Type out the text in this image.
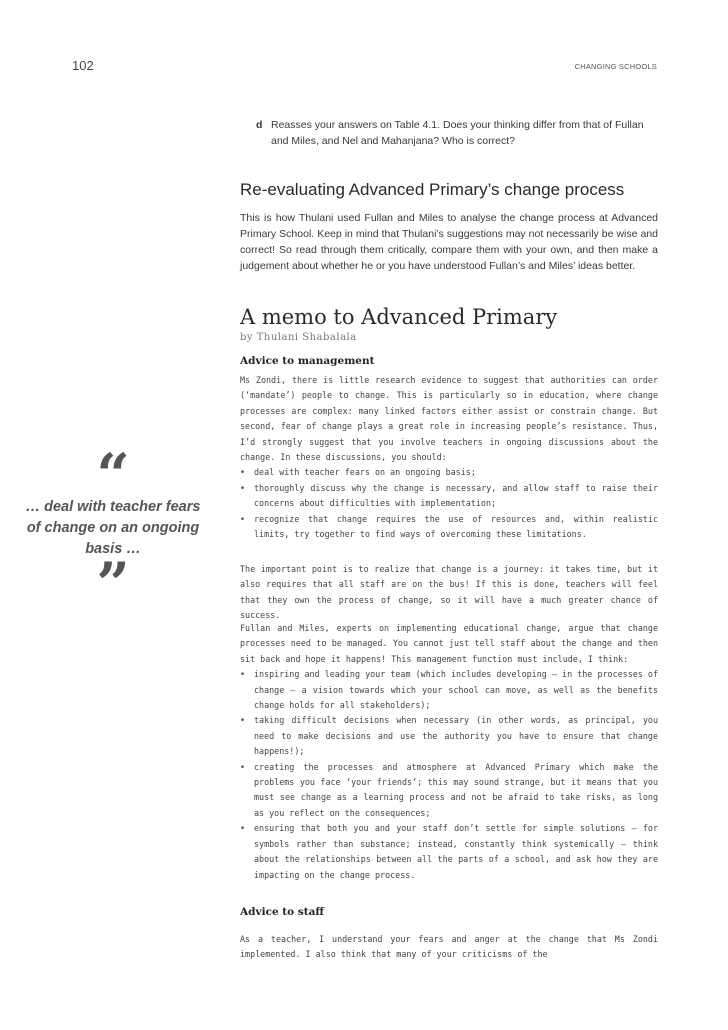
102	CHANGING SCHOOLS
d Reasses your answers on Table 4.1. Does your thinking differ from that of Fullan and Miles, and Nel and Mahanjana? Who is correct?
Re-evaluating Advanced Primary’s change process
This is how Thulani used Fullan and Miles to analyse the change process at Advanced Primary School. Keep in mind that Thulani’s suggestions may not necessarily be wise and correct! So read through them critically, compare them with your own, and then make a judgement about whether he or you have understood Fullan’s and Miles’ ideas better.
A memo to Advanced Primary
by Thulani Shabalala
Advice to management

Ms Zondi, there is little research evidence to suggest that authorities can order (‘mandate’) people to change. This is particularly so in education, where change processes are complex: many linked factors either assist or constrain change. But second, fear of change plays a great role in increasing people’s resistance. Thus, I’d strongly suggest that you involve teachers in ongoing discussions about the change. In these discussions, you should:

• deal with teacher fears on an ongoing basis;
• thoroughly discuss why the change is necessary, and allow staff to raise their concerns about difficulties with implementation;
• recognize that change requires the use of resources and, within realistic limits, try together to find ways of overcoming these limitations.

The important point is to realize that change is a journey: it takes time, but it also requires that all staff are on the bus! If this is done, teachers will feel that they own the process of change, so it will have a much greater chance of success.

Fullan and Miles, experts on implementing educational change, argue that change processes need to be managed. You cannot just tell staff about the change and then sit back and hope it happens! This management function must include, I think:

• inspiring and leading your team (which includes developing – in the processes of change – a vision towards which your school can move, as well as the benefits change holds for all stakeholders);
• taking difficult decisions when necessary (in other words, as principal, you need to make decisions and use the authority you have to ensure that change happens!);
• creating the processes and atmosphere at Advanced Primary which make the problems you face ‘your friends’; this may sound strange, but it means that you must see change as a learning process and not be afraid to take risks, as long as you reflect on the consequences;
• ensuring that both you and your staff don’t settle for simple solutions – for symbols rather than substance; instead, constantly think systemically – think about the relationships between all the parts of a school, and ask how they are impacting on the change process.
Advice to staff

As a teacher, I understand your fears and anger at the change that Ms Zondi implemented. I also think that many of your criticisms of the

“
… deal with teacher fears of change on an ongoing basis …
”
